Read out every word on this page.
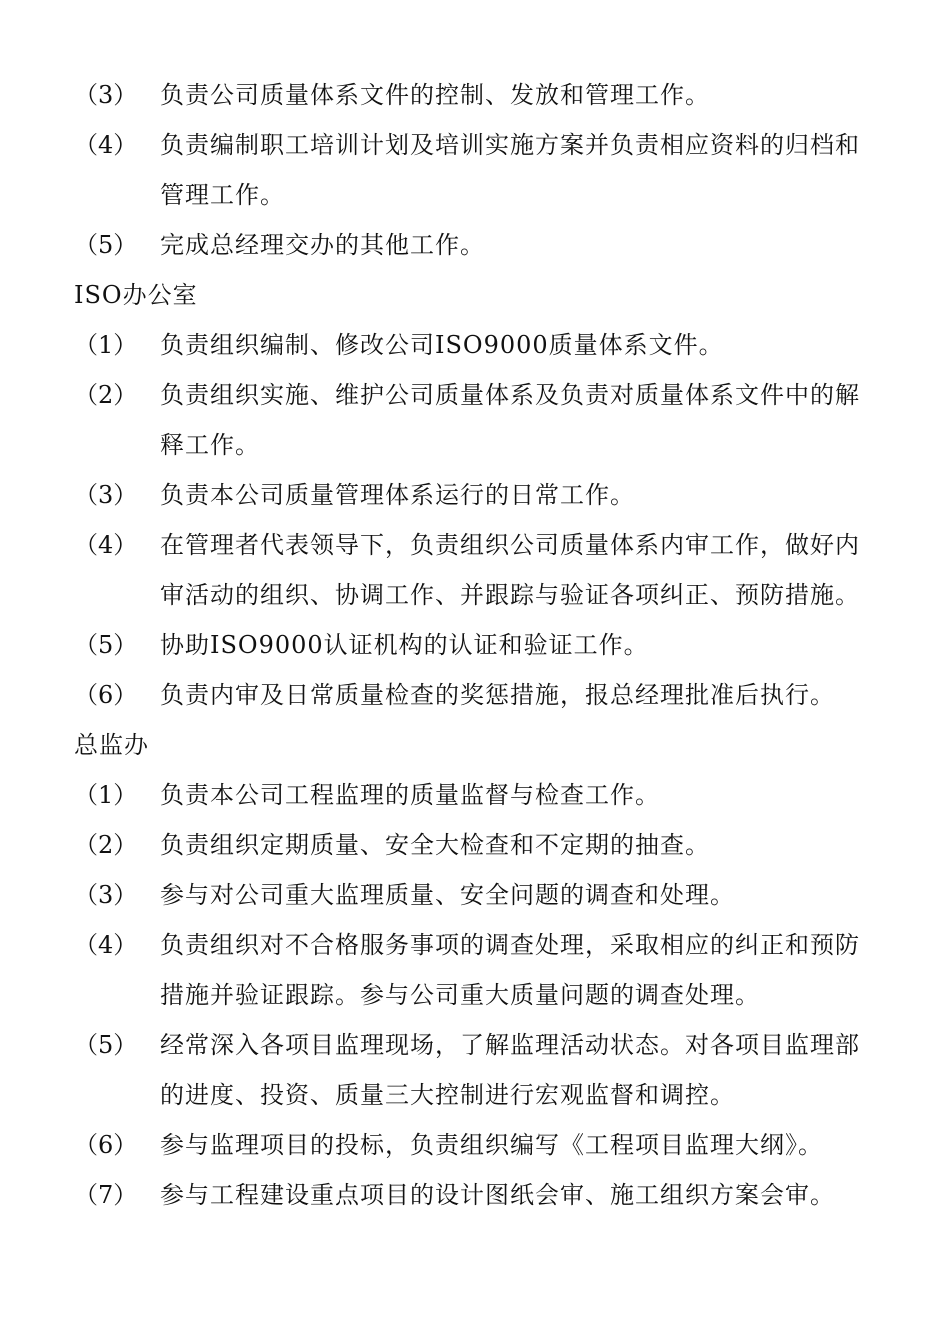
（3） 负责公司质量体系文件的控制、发放和管理工作。
（4） 负责编制职工培训计划及培训实施方案并负责相应资料的归档和管理工作。
（5） 完成总经理交办的其他工作。
ISO办公室
（1） 负责组织编制、修改公司ISO9000质量体系文件。
（2） 负责组织实施、维护公司质量体系及负责对质量体系文件中的解释工作。
（3） 负责本公司质量管理体系运行的日常工作。
（4） 在管理者代表领导下，负责组织公司质量体系内审工作，做好内审活动的组织、协调工作、并跟踪与验证各项纠正、预防措施。
（5） 协助ISO9000认证机构的认证和验证工作。
（6） 负责内审及日常质量检查的奖惩措施，报总经理批准后执行。
总监办
（1） 负责本公司工程监理的质量监督与检查工作。
（2） 负责组织定期质量、安全大检查和不定期的抽查。
（3） 参与对公司重大监理质量、安全问题的调查和处理。
（4） 负责组织对不合格服务事项的调查处理，采取相应的纠正和预防措施并验证跟踪。参与公司重大质量问题的调查处理。
（5） 经常深入各项目监理现场，了解监理活动状态。对各项目监理部的进度、投资、质量三大控制进行宏观监督和调控。
（6） 参与监理项目的投标，负责组织编写《工程项目监理大纲》。
（7） 参与工程建设重点项目的设计图纸会审、施工组织方案会审。
